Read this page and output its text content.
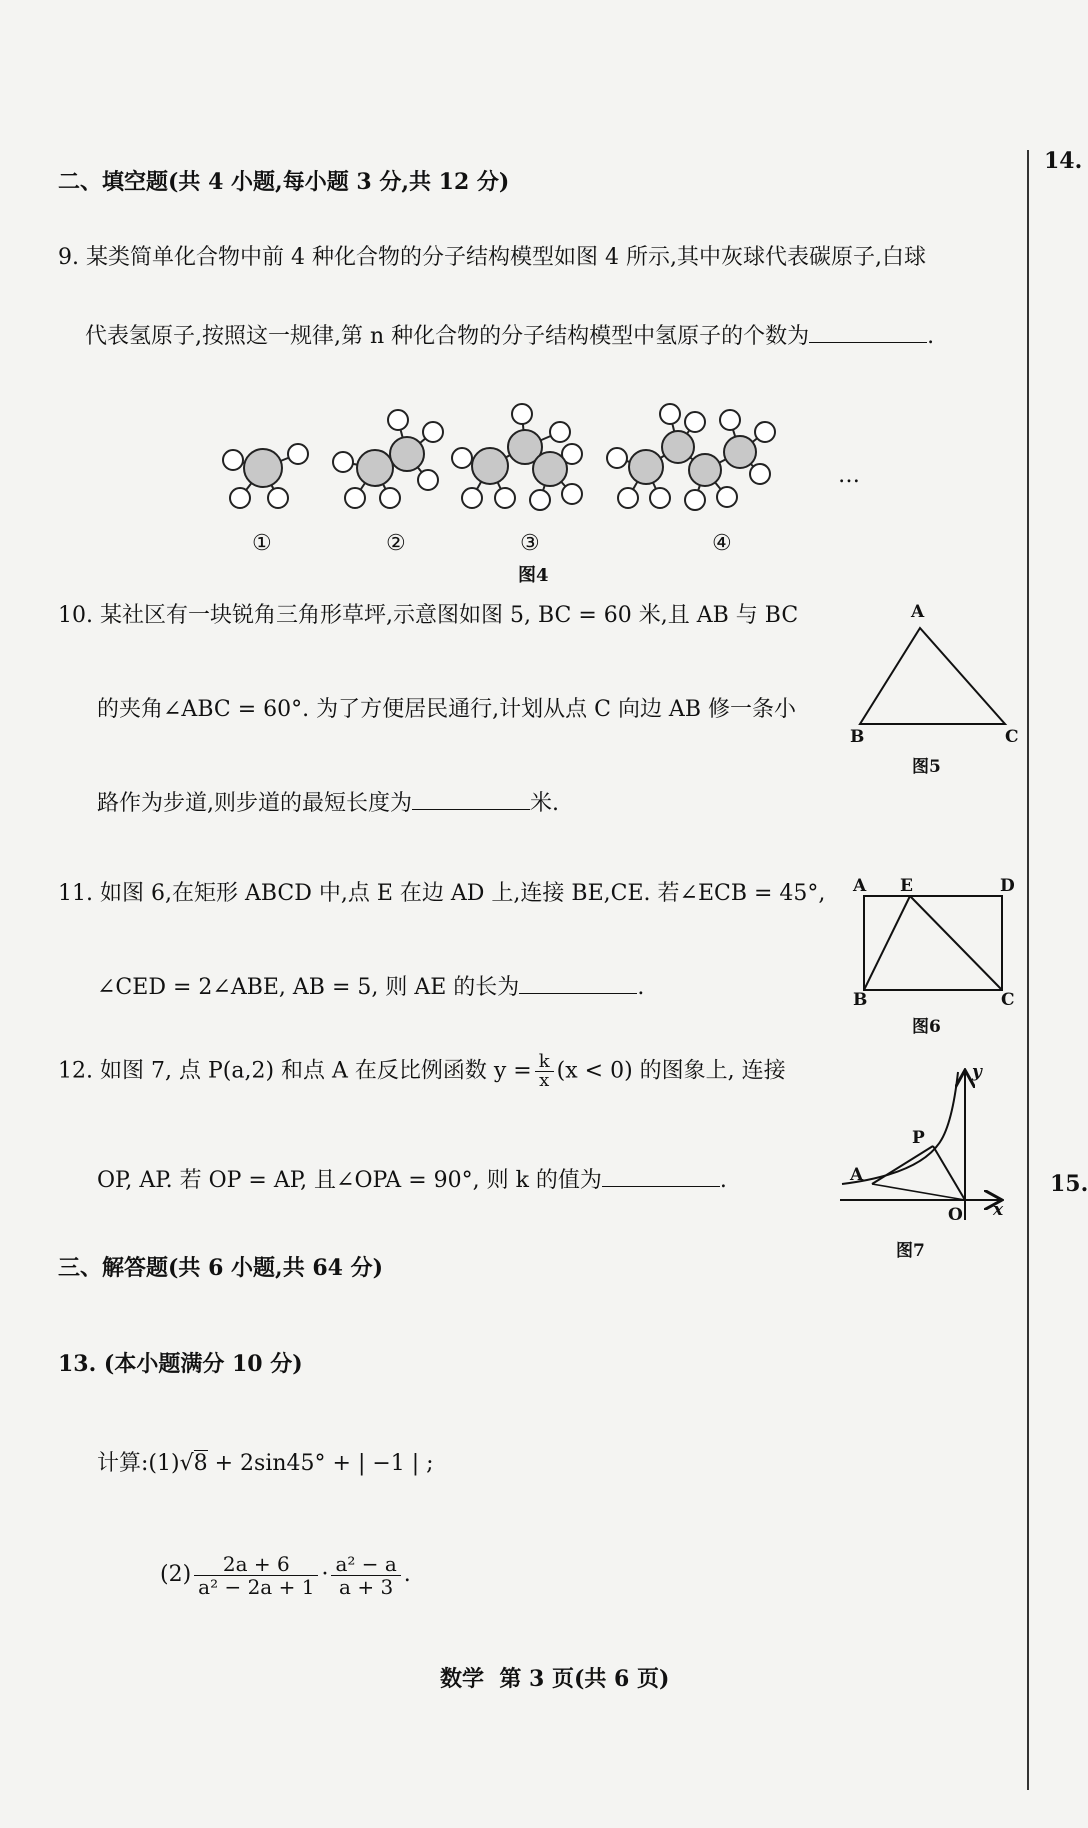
14.
15.
二、填空题(共 4 小题,每小题 3 分,共 12 分)
9. 某类简单化合物中前 4 种化合物的分子结构模型如图 4 所示,其中灰球代表碳原子,白球
代表氢原子,按照这一规律,第 n 种化合物的分子结构模型中氢原子的个数为	.
…
①	②	③	④
图4
10. 某社区有一块锐角三角形草坪,示意图如图 5, BC = 60 米,且 AB 与 BC
的夹角∠ABC = 60°. 为了方便居民通行,计划从点 C 向边 AB 修一条小
路作为步道,则步道的最短长度为	米.
A
B	C
图5
11. 如图 6,在矩形 ABCD 中,点 E 在边 AD 上,连接 BE,CE. 若∠ECB = 45°,
∠CED = 2∠ABE, AB = 5, 则 AE 的长为	.
A E	D
B	C
图6
12. 如图 7, 点 P(a,2) 和点 A 在反比例函数 $y = \frac{k}{x} (x < 0)$ 的图象上, 连接
OP, AP. 若 OP = AP, 且∠OPA = 90°, 则 k 的值为	.
P
A
O x
y
图7
三、解答题(共 6 小题,共 64 分)
13. (本小题满分 10 分)
计算:(1)√8 + 2sin45° + | −1 | ;
$(2) \frac{2a + 6}{\text{a² − 2a + 1}} \cdot \frac{\text{a² − a}}{a + 3}$ .
数学  第 3 页(共 6 页)
